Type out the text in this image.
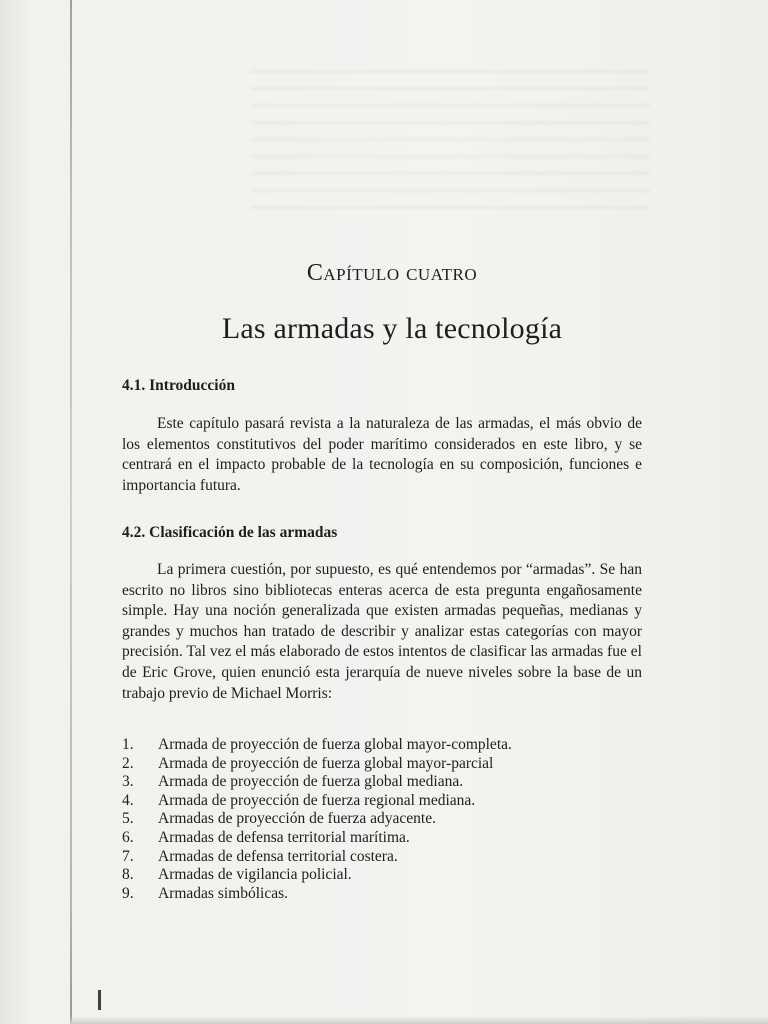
Capítulo cuatro
Las armadas y la tecnología
4.1. Introducción

Este capítulo pasará revista a la naturaleza de las armadas, el más obvio de los elementos constitutivos del poder marítimo considerados en este libro, y se centrará en el impacto probable de la tecnología en su composición, funciones e importancia futura.

4.2. Clasificación de las armadas

La primera cuestión, por supuesto, es qué entendemos por “armadas”. Se han escrito no libros sino bibliotecas enteras acerca de esta pregunta engañosamente simple. Hay una noción generalizada que existen armadas pequeñas, medianas y grandes y muchos han tratado de describir y analizar estas categorías con mayor precisión. Tal vez el más elaborado de estos intentos de clasificar las armadas fue el de Eric Grove, quien enunció esta jerarquía de nueve niveles sobre la base de un trabajo previo de Michael Morris:

1. Armada de proyección de fuerza global mayor-completa.
2. Armada de proyección de fuerza global mayor-parcial
3. Armada de proyección de fuerza global mediana.
4. Armada de proyección de fuerza regional mediana.
5. Armadas de proyección de fuerza adyacente.
6. Armadas de defensa territorial marítima.
7. Armadas de defensa territorial costera.
8. Armadas de vigilancia policial.
9. Armadas simbólicas.
